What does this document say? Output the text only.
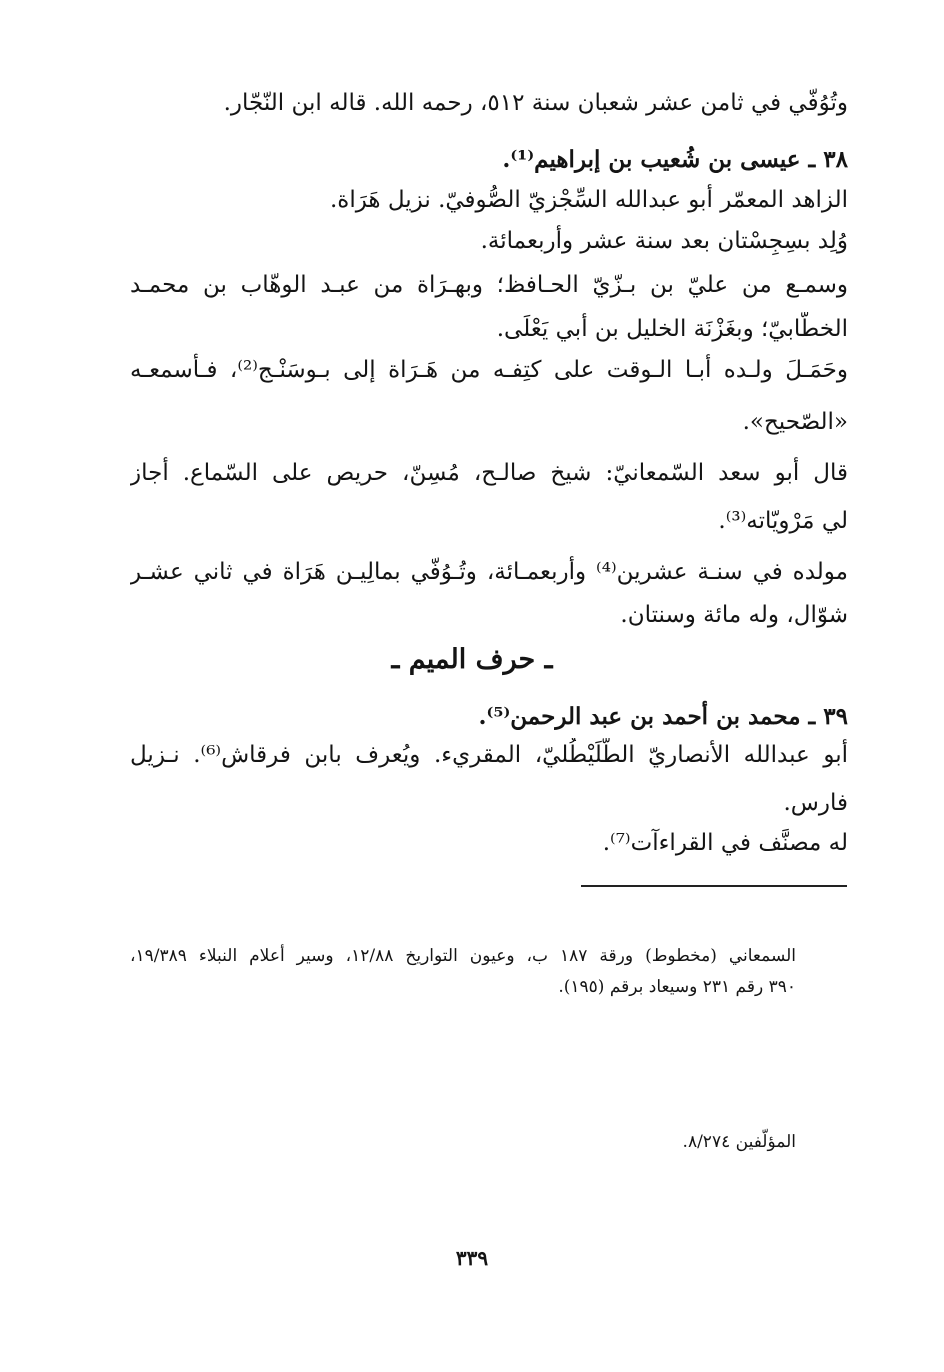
وتُوُفّي في ثامن عشر شعبان سنة ٥١٢، رحمه الله. قاله ابن النّجّار.
٣٨ ـ عيسى بن شُعيب بن إبراهيم⁽¹⁾.
الزاهد المعمّر أبو عبدالله السِّجْزيّ الصُّوفيّ. نزيل هَرَاة.
وُلِد بسِجِسْتان بعد سنة عشر وأربعمائة.
وسمـع من عليّ بن بـزّيّ الحـافظ؛ وبهـرَاة من عبـد الوهّاب بن محمـد
الخطّابيّ؛ وبغَزْنَة الخليل بن أبي يَعْلَى.
وحَمَـلَ ولـده أبـا الـوقت على كتِفـه من هَـرَاة إلى بـوسَنْـج⁽²⁾، فـأسمعـه
«الصّحيح».
قال أبو سعد السّمعانيّ: شيخ صالـح، مُسِنّ، حريص على السّماع. أجاز
لي مَرْويّاته⁽³⁾.
مولده في سنـة عشرين⁽⁴⁾ وأربعمـائة، وتُـوُفّي بمالِيـن هَرَاة في ثاني عشـر
شوّال، وله مائة وسنتان.
ـ حرف الميم ـ
٣٩ ـ محمد بن أحمد بن عبد الرحمن⁽⁵⁾.
أبو عبدالله الأنصاريّ الطُّلَيْطُليّ، المقريء. ويُعرف بابن فرقاش⁽⁶⁾. نـزيل
فارس.
له مصنَّف في القراءآت⁽⁷⁾.
السمعاني (مخطوط) ورقة ١٨٧ ب، وعيون التواريخ ١٢/٨٨، وسير أعلام النبلاء ١٩/٣٨٩،
٣٩٠ رقم ٢٣١ وسيعاد برقم (١٩٥).
المؤلّفين ٨/٢٧٤.
٣٣٩
